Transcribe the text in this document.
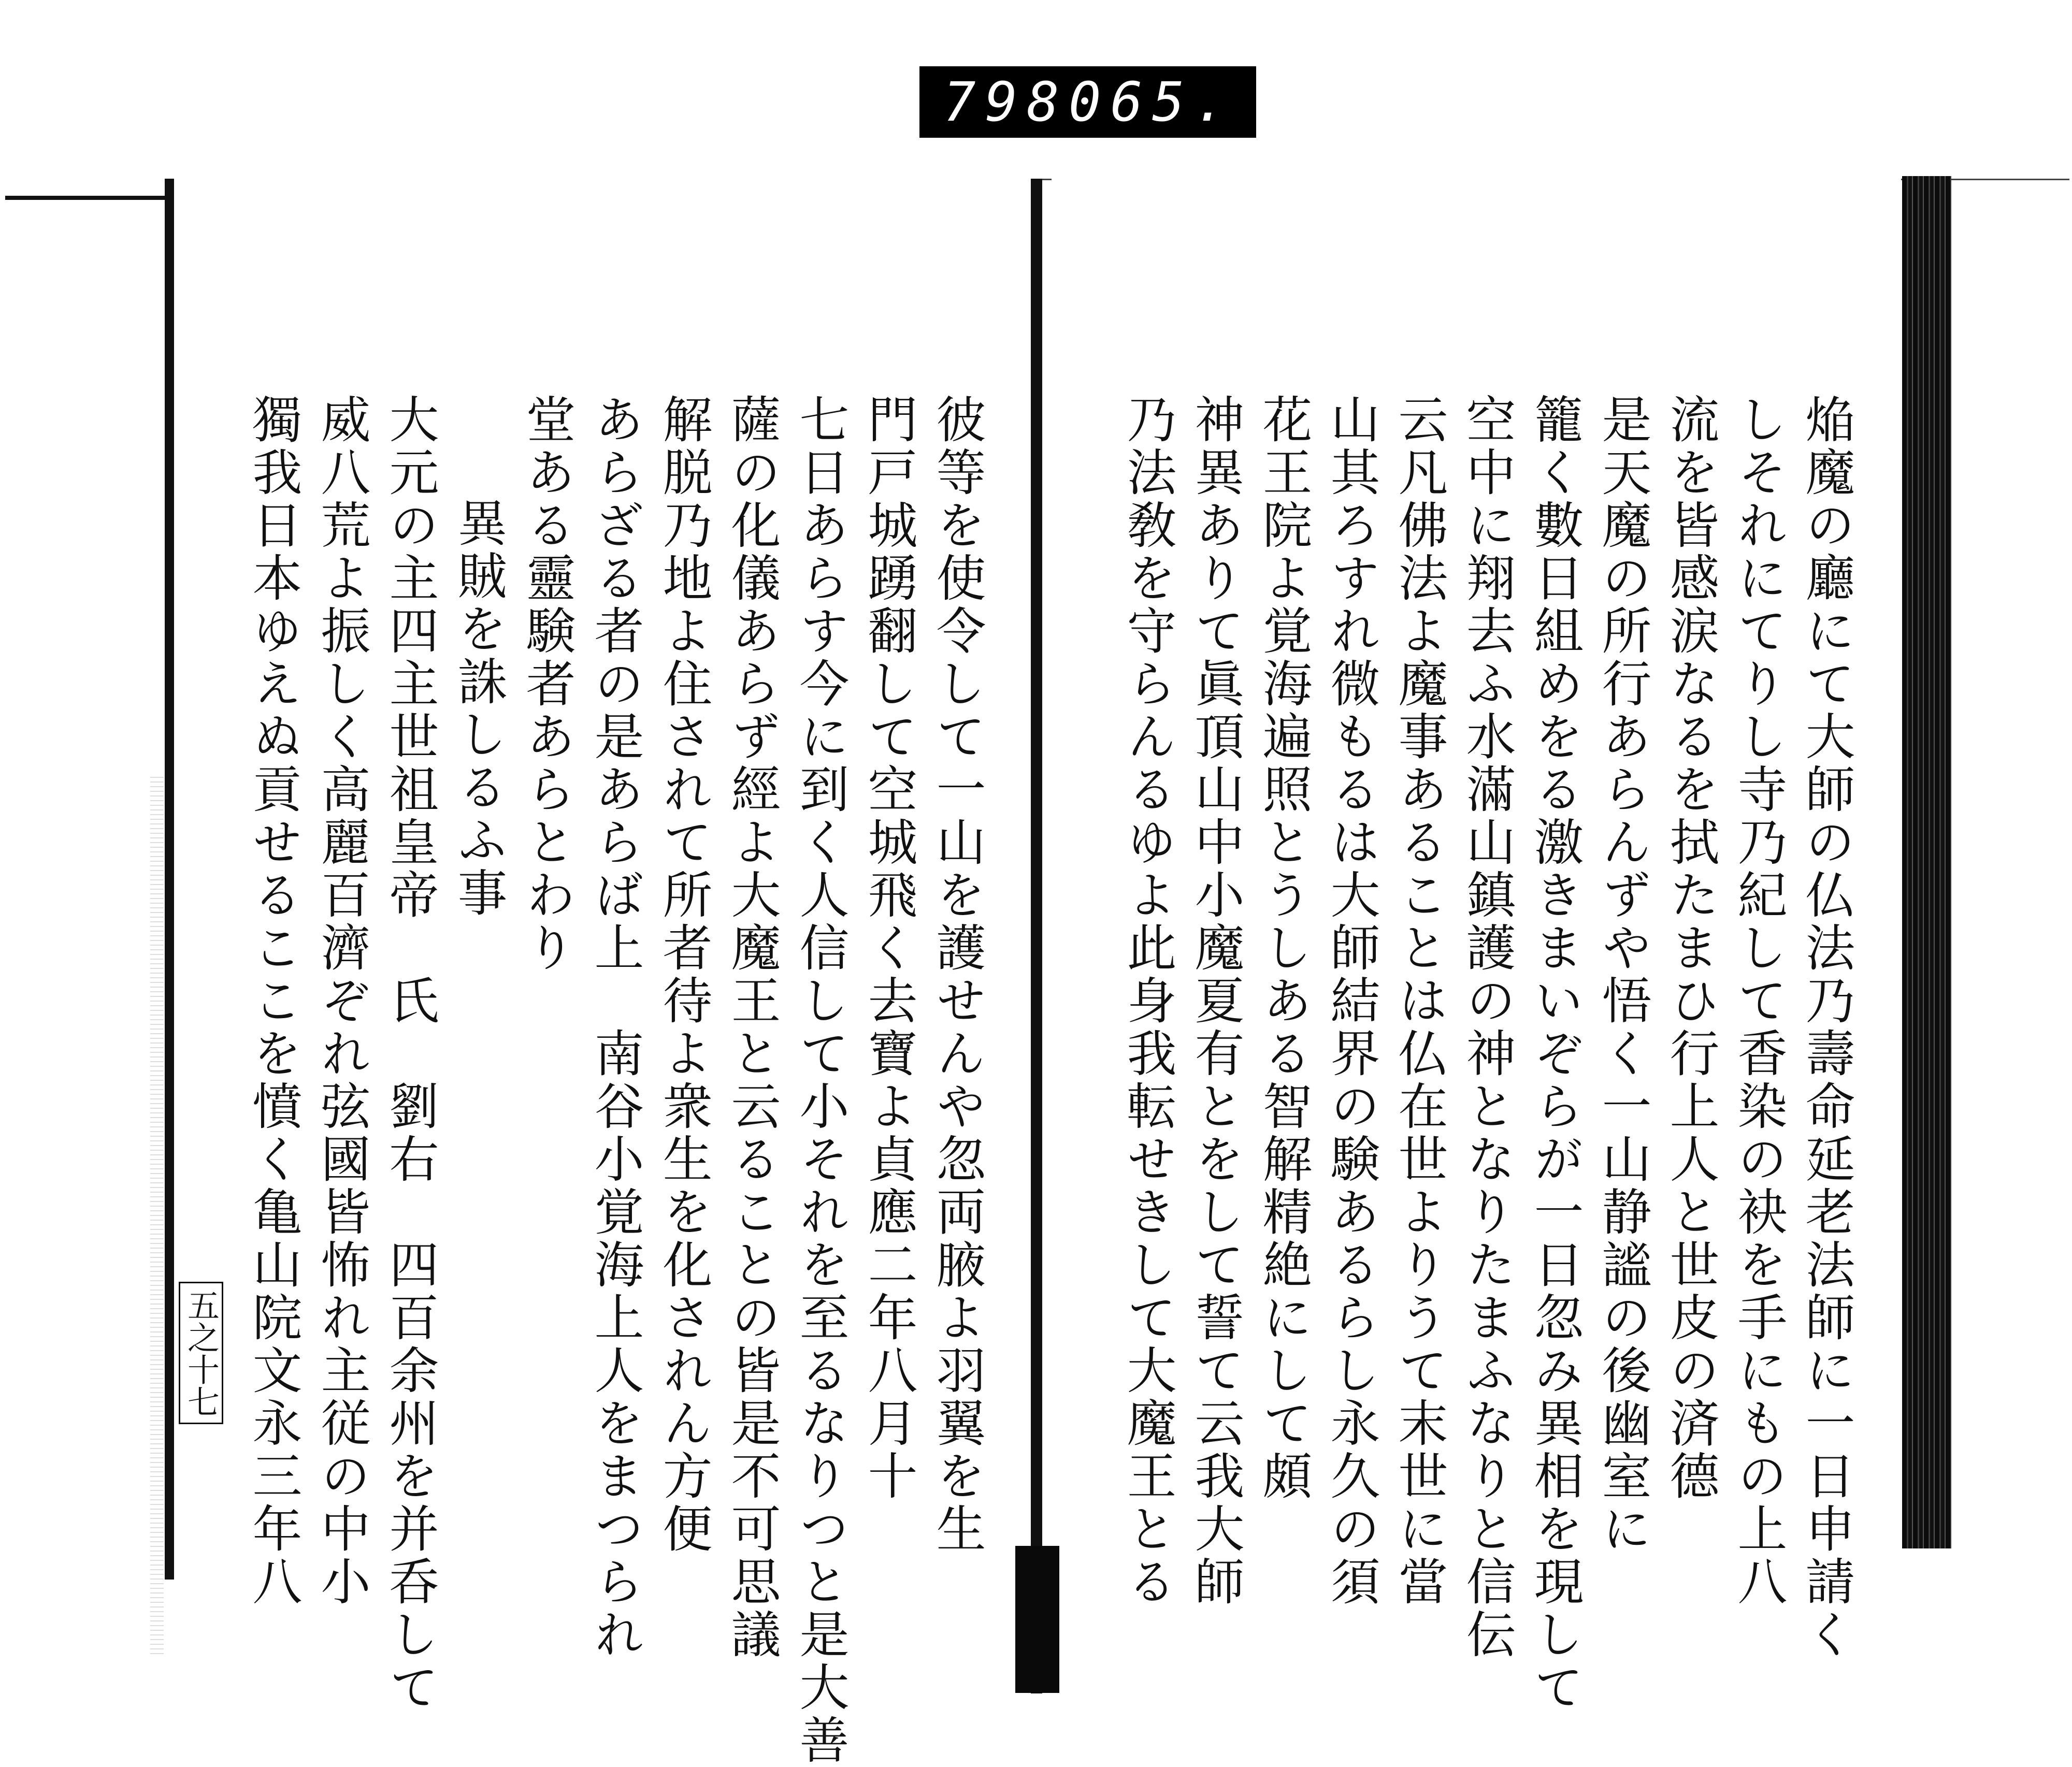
798 065.
焔魔の廳にて大師の仏法乃壽命延老法師に一日申請く
しそれにてりし寺乃紀して香染の袂を手にもの上八
流を皆感涙なるを拭たまひ行上人と世皮の済德
是天魔の所行あらんずや悟く一山静謐の後幽室に
籠く數日組めをる激きまいぞらが一日忽み異相を現して
空中に翔去ふ水滿山鎮護の神となりたまふなりと信伝
云凡佛法よ魔事あることは仏在世よりうて末世に當
山其ろすれ微もるは大師結界の験あるらし永久の須
花王院よ覚海遍照とうしある智解精絶にして頗
神異ありて眞頂山中小魔夏有とをして誓て云我大師
乃法敎を守らんるゆよ此身我転せきして大魔王とる
彼等を使令して一山を護せんや忽両腋よ羽翼を生
門戸城踴翻して空城飛く去寶よ貞應二年八月十
七日あらす今に到く人信して小それを至るなりつと是大善
薩の化儀あらず經よ大魔王と云ることの皆是不可思議
解脱乃地よ住されて所者待よ衆生を化されん方便
あらざる者の是あらば上　南谷小覚海上人をまつられ
堂ある靈験者あらとわり
異賊を誅しるふ事
大元の主四主世祖皇帝　氏　劉右　四百余州を并呑して
威八荒よ振しく高麗百濟ぞれ弦國皆怖れ主従の中小
獨我日本ゆえぬ貢せるここを憤く亀山院文永三年八
五之十七
